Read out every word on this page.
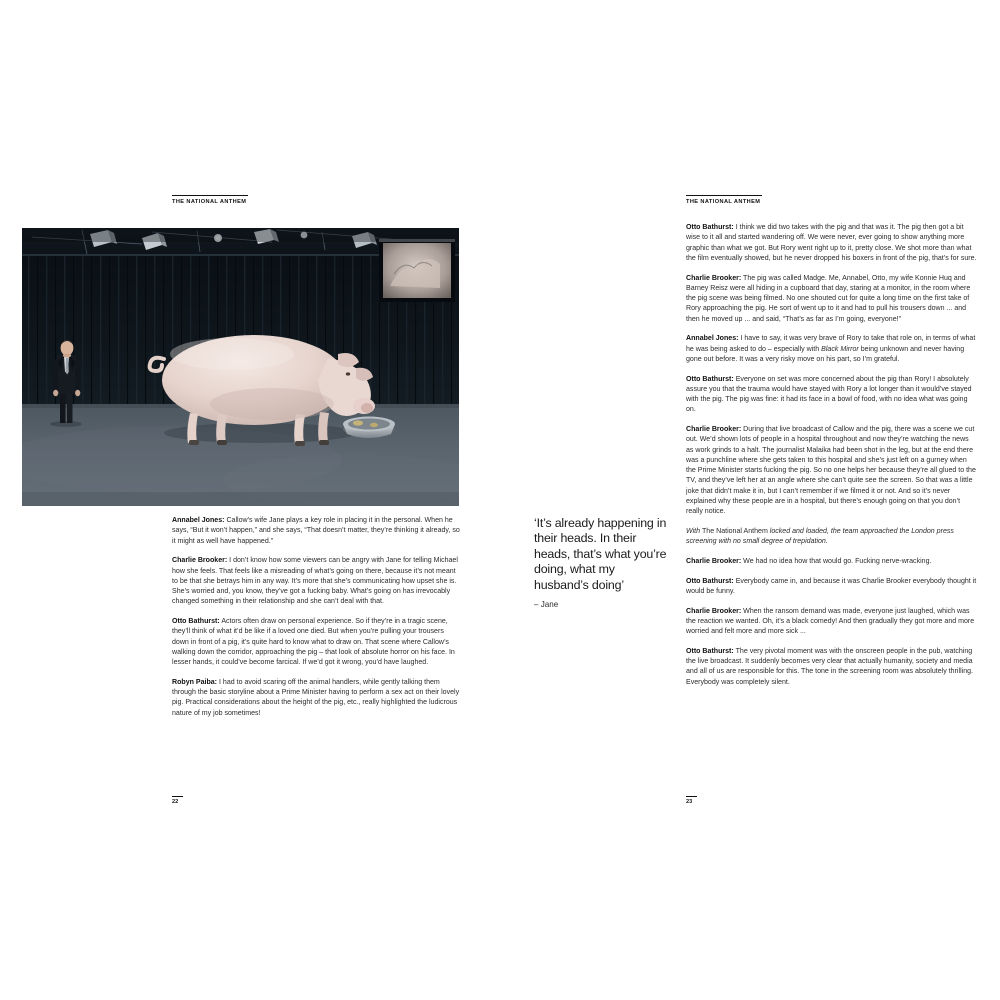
THE NATIONAL ANTHEM

Annabel Jones: Callow’s wife Jane plays a key role in placing it in the personal. When he says, “But it won’t happen,” and she says, “That doesn’t matter, they’re thinking it already, so it might as well have happened.”

Charlie Brooker: I don’t know how some viewers can be angry with Jane for telling Michael how she feels. That feels like a misreading of what’s going on there, because it’s not meant to be that she betrays him in any way. It’s more that she’s communicating how upset she is. She’s worried and, you know, they’ve got a fucking baby. What’s going on has irrevocably changed something in their relationship and she can’t deal with that.

Otto Bathurst: Actors often draw on personal experience. So if they’re in a tragic scene, they’ll think of what it’d be like if a loved one died. But when you’re pulling your trousers down in front of a pig, it’s quite hard to know what to draw on. That scene where Callow’s walking down the corridor, approaching the pig – that look of absolute horror on his face. In lesser hands, it could’ve become farcical. If we’d got it wrong, you’d have laughed.

Robyn Paiba: I had to avoid scaring off the animal handlers, while gently talking them through the basic storyline about a Prime Minister having to perform a sex act on their lovely pig. Practical considerations about the height of the pig, etc., really highlighted the ludicrous nature of my job sometimes!

22
‘It’s already happening in their heads. In their heads, that’s what you’re doing, what my husband’s doing’
– Jane
THE NATIONAL ANTHEM

Otto Bathurst: I think we did two takes with the pig and that was it. The pig then got a bit wise to it all and started wandering off. We were never, ever going to show anything more graphic than what we got. But Rory went right up to it, pretty close. We shot more than what the film eventually showed, but he never dropped his boxers in front of the pig, that’s for sure.

Charlie Brooker: The pig was called Madge. Me, Annabel, Otto, my wife Konnie Huq and Barney Reisz were all hiding in a cupboard that day, staring at a monitor, in the room where the pig scene was being filmed. No one shouted cut for quite a long time on the first take of Rory approaching the pig. He sort of went up to it and had to pull his trousers down ... and then he moved up ... and said, “That’s as far as I’m going, everyone!”

Annabel Jones: I have to say, it was very brave of Rory to take that role on, in terms of what he was being asked to do – especially with Black Mirror being unknown and never having gone out before. It was a very risky move on his part, so I’m grateful.

Otto Bathurst: Everyone on set was more concerned about the pig than Rory! I absolutely assure you that the trauma would have stayed with Rory a lot longer than it would’ve stayed with the pig. The pig was fine: it had its face in a bowl of food, with no idea what was going on.

Charlie Brooker: During that live broadcast of Callow and the pig, there was a scene we cut out. We’d shown lots of people in a hospital throughout and now they’re watching the news as work grinds to a halt. The journalist Malaika had been shot in the leg, but at the end there was a punchline where she gets taken to this hospital and she’s just left on a gurney when the Prime Minister starts fucking the pig. So no one helps her because they’re all glued to the TV, and they’ve left her at an angle where she can’t quite see the screen. So that was a little joke that didn’t make it in, but I can’t remember if we filmed it or not. And so it’s never explained why these people are in a hospital, but there’s enough going on that you don’t really notice.

With The National Anthem locked and loaded, the team approached the London press screening with no small degree of trepidation.

Charlie Brooker: We had no idea how that would go. Fucking nerve-wracking.

Otto Bathurst: Everybody came in, and because it was Charlie Brooker everybody thought it would be funny.

Charlie Brooker: When the ransom demand was made, everyone just laughed, which was the reaction we wanted. Oh, it’s a black comedy! And then gradually they got more and more worried and felt more and more sick ...

Otto Bathurst: The very pivotal moment was with the onscreen people in the pub, watching the live broadcast. It suddenly becomes very clear that actually humanity, society and media and all of us are responsible for this. The tone in the screening room was absolutely thrilling. Everybody was completely silent.

23
